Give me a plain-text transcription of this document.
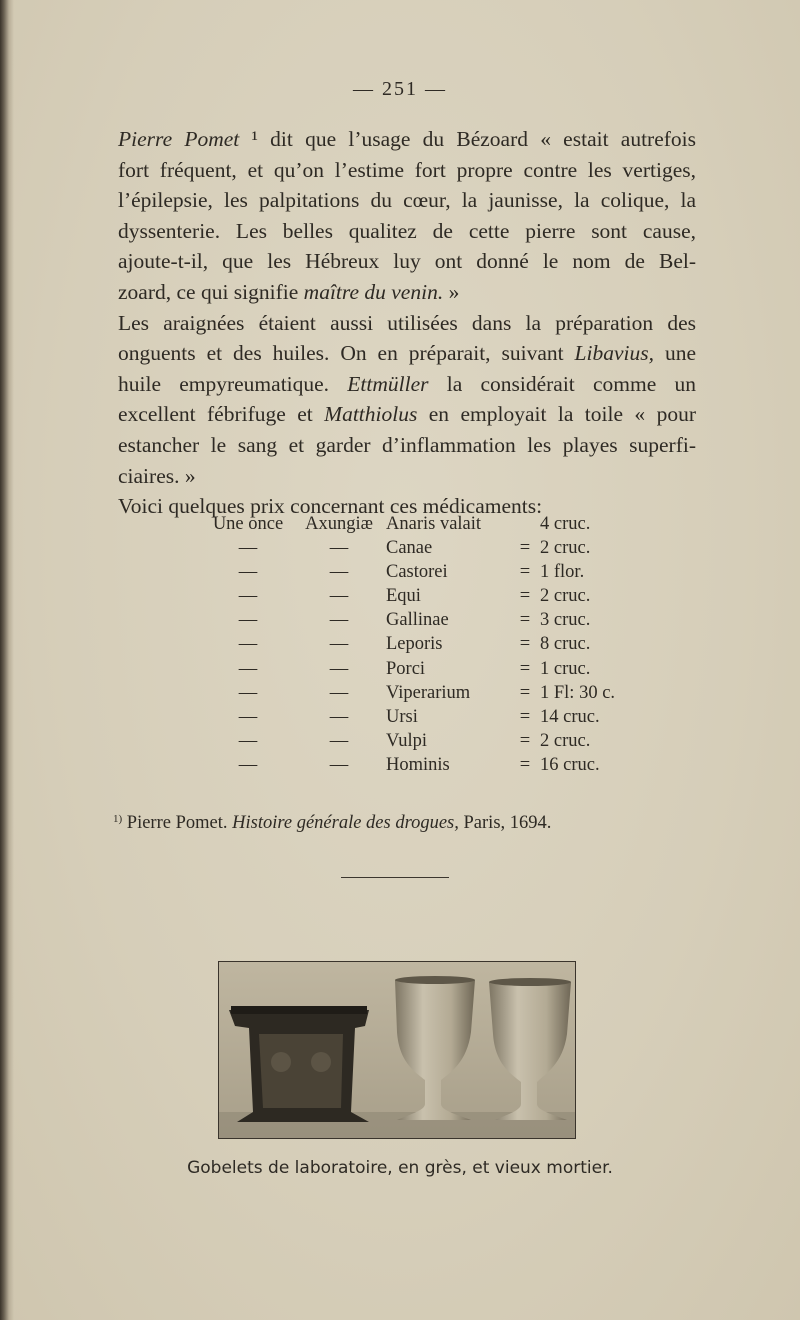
— 251 —

Pierre Pomet ¹ dit que l’usage du Bézoard « estait autrefois
fort fréquent, et qu’on l’estime fort propre contre les vertiges,
l’épilepsie, les palpitations du cœur, la jaunisse, la colique, la
dyssenterie. Les belles qualitez de cette pierre sont cause,
ajoute-t-il, que les Hébreux luy ont donné le nom de Bel-
zoard, ce qui signifie maître du venin. »

Les araignées étaient aussi utilisées dans la préparation des
onguents et des huiles. On en préparait, suivant Libavius, une
huile empyreumatique. Ettmüller la considérait comme un
excellent fébrifuge et Matthiolus en employait la toile « pour
estancher le sang et garder d’inflammation les playes superfi-
ciaires. »

Voici quelques prix concernant ces médicaments:

Une once	Axungiæ	Anaris valait		4 cruc.
—	—	Canae	=	2 cruc.
—	—	Castorei	=	1 flor.
—	—	Equi	=	2 cruc.
—	—	Gallinae	=	3 cruc.
—	—	Leporis	=	8 cruc.
—	—	Porci	=	1 cruc.
—	—	Viperarium	=	1 Fl: 30 c.
—	—	Ursi	=	14 cruc.
—	—	Vulpi	=	2 cruc.
—	—	Hominis	=	16 cruc.
$^{1)}$ Pierre Pomet. Histoire générale des drogues, Paris, 1694.
Gobelets de laboratoire, en grès, et vieux mortier.
